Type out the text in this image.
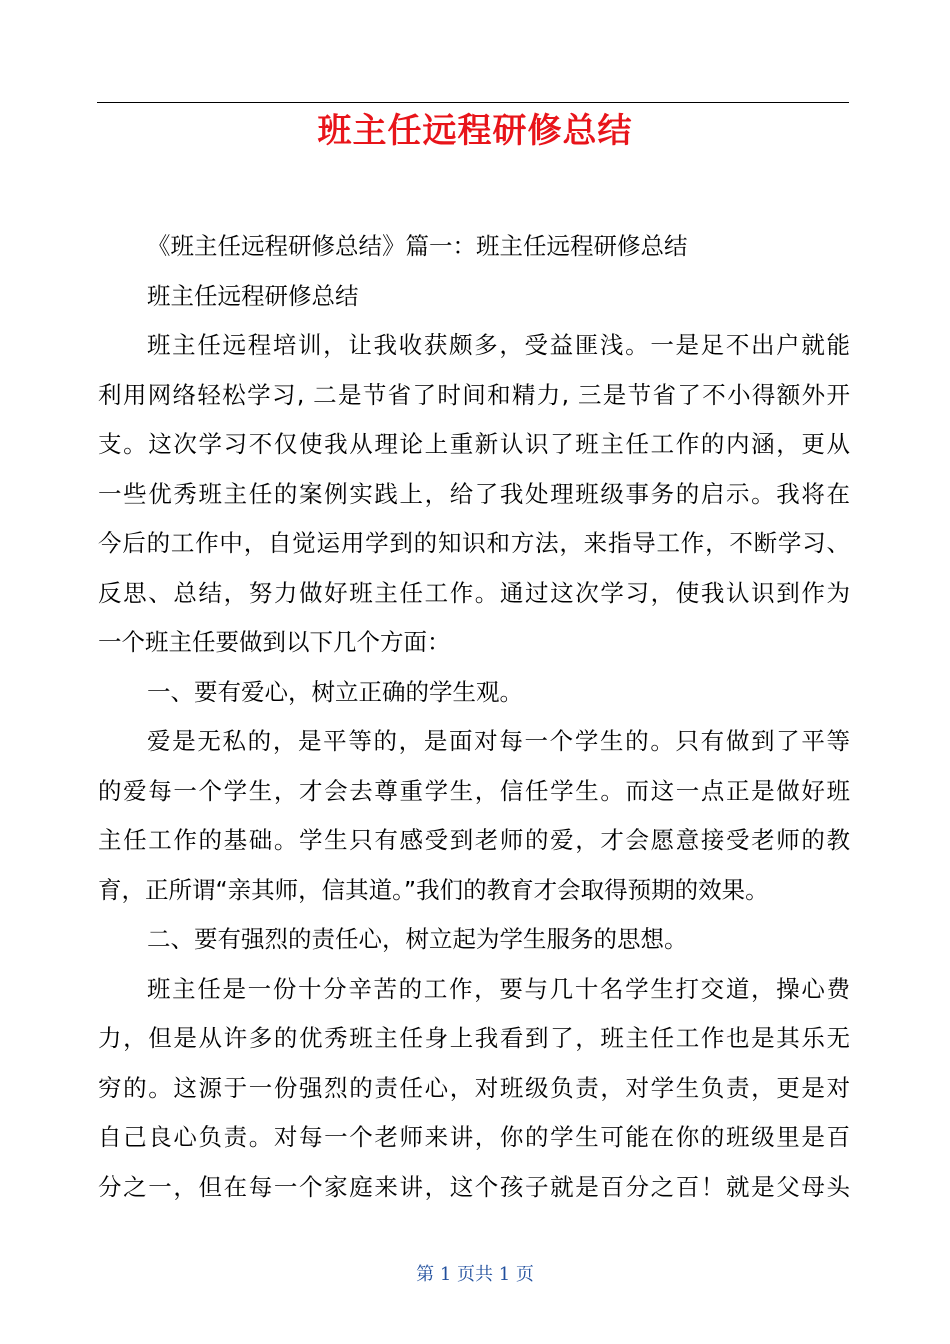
班主任远程研修总结
《班主任远程研修总结》篇一：班主任远程研修总结
班主任远程研修总结
班主任远程培训，让我收获颇多，受益匪浅。一是足不出户就能
利用网络轻松学习, 二是节省了时间和精力, 三是节省了不小得额外开
支。这次学习不仅使我从理论上重新认识了班主任工作的内涵，更从
一些优秀班主任的案例实践上，给了我处理班级事务的启示。我将在
今后的工作中，自觉运用学到的知识和方法，来指导工作，不断学习、
反思、总结，努力做好班主任工作。通过这次学习，使我认识到作为
一个班主任要做到以下几个方面：
一、要有爱心，树立正确的学生观。
爱是无私的，是平等的，是面对每一个学生的。只有做到了平等
的爱每一个学生，才会去尊重学生，信任学生。而这一点正是做好班
主任工作的基础。学生只有感受到老师的爱，才会愿意接受老师的教
育，正所谓“亲其师，信其道。”我们的教育才会取得预期的效果。
二、要有强烈的责任心，树立起为学生服务的思想。
班主任是一份十分辛苦的工作，要与几十名学生打交道，操心费
力，但是从许多的优秀班主任身上我看到了，班主任工作也是其乐无
穷的。这源于一份强烈的责任心，对班级负责，对学生负责，更是对
自己良心负责。对每一个老师来讲，你的学生可能在你的班级里是百
分之一，但在每一个家庭来讲，这个孩子就是百分之百！就是父母头
第 1 页共 1 页
